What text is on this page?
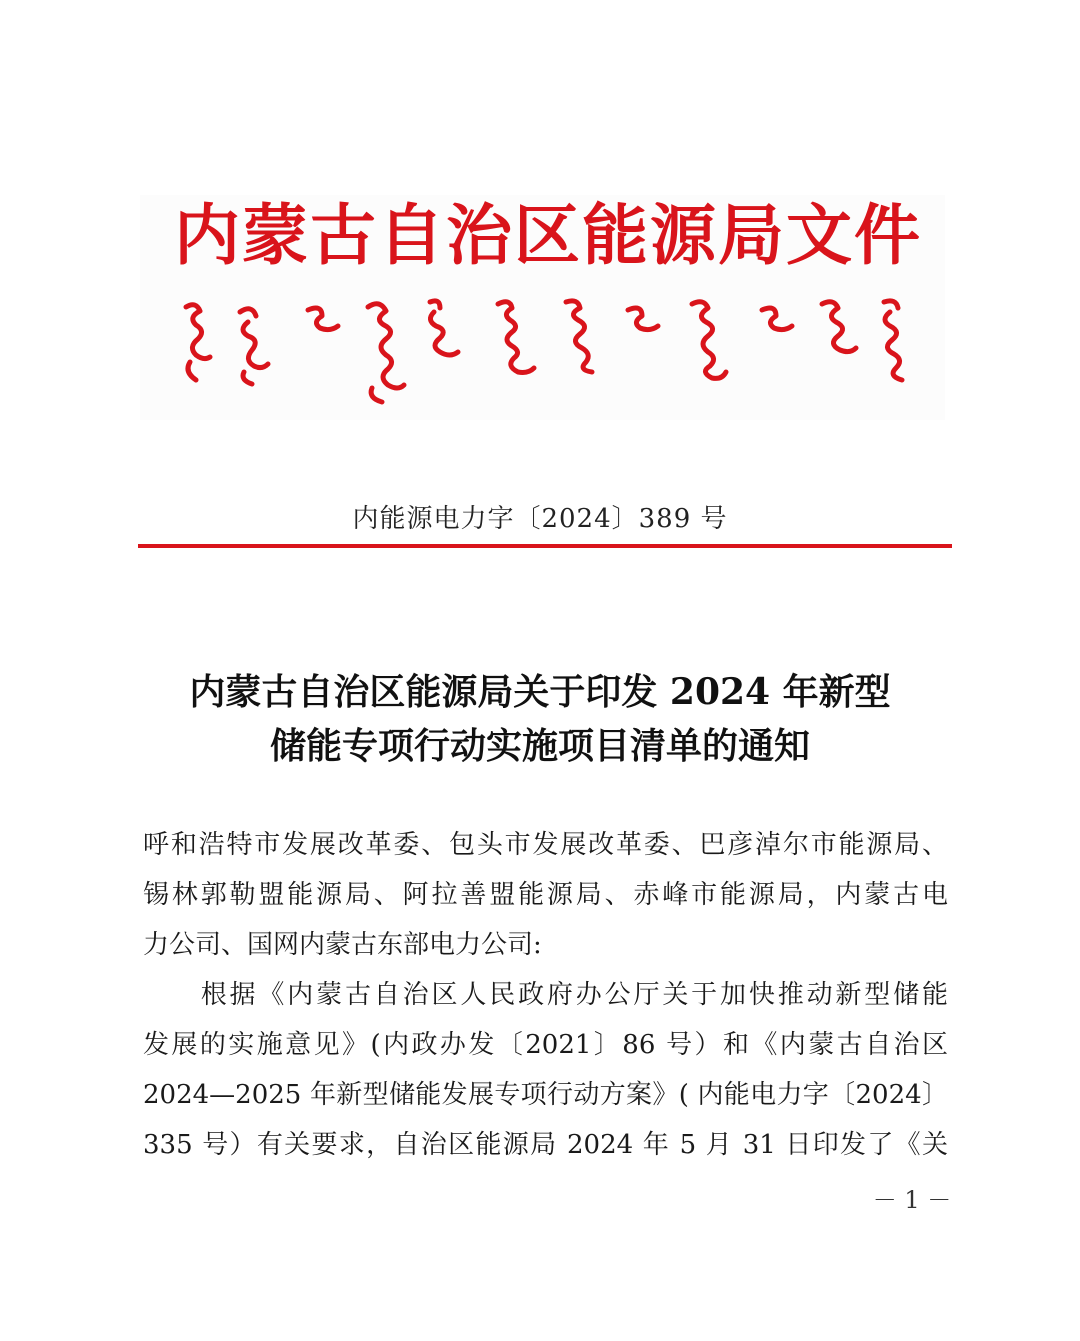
内蒙古自治区能源局文件
内能源电力字〔2024〕389 号
内蒙古自治区能源局关于印发 2024 年新型
储能专项行动实施项目清单的通知
呼和浩特市发展改革委、包头市发展改革委、巴彦淖尔市能源局、
锡林郭勒盟能源局、阿拉善盟能源局、赤峰市能源局，内蒙古电
力公司、国网内蒙古东部电力公司:
　　根据《内蒙古自治区人民政府办公厅关于加快推动新型储能
发展的实施意见》(内政办发〔2021〕86 号）和《内蒙古自治区
2024—2025 年新型储能发展专项行动方案》( 内能电力字〔2024〕
335 号）有关要求，自治区能源局 2024 年 5 月 31 日印发了《关
－ 1 －
